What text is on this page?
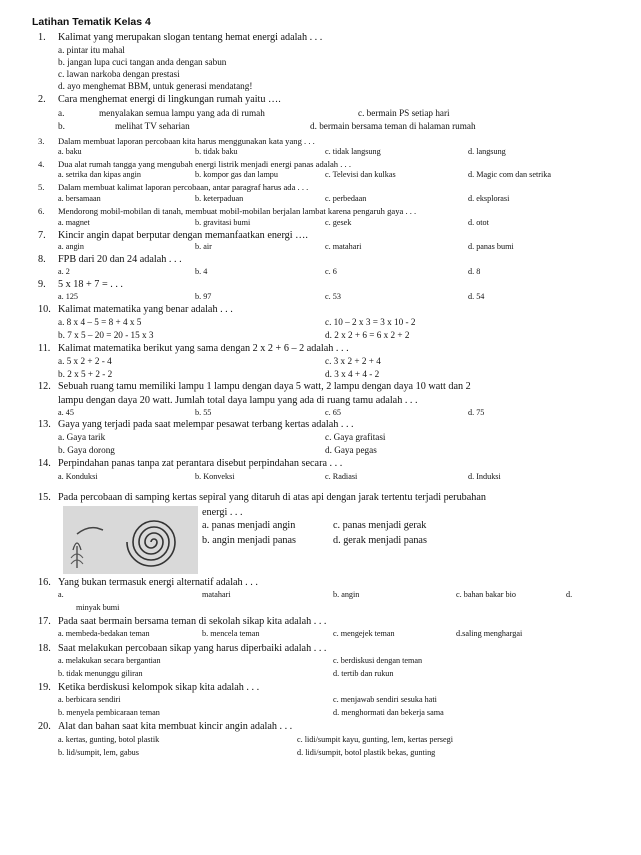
Latihan Tematik Kelas 4
1. Kalimat yang merupakan slogan tentang hemat energi adalah . . .
a. pintar itu mahal
b. jangan lupa cuci tangan anda dengan sabun
c. lawan narkoba dengan prestasi
d. ayo menghemat BBM, untuk generasi mendatang!
2. Cara menghemat energi di lingkungan rumah yaitu ….
a.	menyalakan semua lampu yang ada di rumah	c. bermain PS setiap hari
b.	melihat TV seharian	d. bermain bersama teman di halaman rumah
3. Dalam membuat laporan percobaan kita harus menggunakan kata yang . . .
a. baku	b. tidak baku	c. tidak langsung	d. langsung
4. Dua alat rumah tangga yang mengubah energi listrik menjadi energi panas adalah . . .
a. setrika dan kipas angin	b. kompor gas dan lampu	c. Televisi dan kulkas	d. Magic com dan setrika
5. Dalam membuat kalimat laporan percobaan, antar paragraf harus ada . . .
a. bersamaan	b. keterpaduan	c. perbedaan	d. eksplorasi
6. Mendorong mobil-mobilan di tanah, membuat mobil-mobilan berjalan lambat karena pengaruh gaya . . .
a. magnet	b. gravitasi bumi	c. gesek	d. otot
7. Kincir angin dapat berputar dengan memanfaatkan energi ….
a. angin	b. air	c. matahari	d. panas bumi
8. FPB dari 20 dan 24 adalah . . .
a. 2	b. 4	c. 6	d. 8
9. 5 x 18 + 7 = . . .
a. 125	b. 97	c. 53	d. 54
10. Kalimat matematika yang benar adalah . . .
a. 8 x 4 – 5 = 8 + 4 x 5	c. 10 – 2 x 3 = 3 x 10 - 2
b. 7 x 5 – 20 = 20 - 15 x 3	d. 2 x 2 + 6 = 6 x 2 + 2
11. Kalimat matematika berikut yang sama dengan 2 x 2 + 6 – 2 adalah . . .
a. 5 x 2 + 2 - 4	c. 3 x 2 + 2 + 4
b. 2 x 5 + 2 - 2	d. 3 x 4 + 4 - 2
12. Sebuah ruang tamu memiliki lampu 1 lampu dengan daya 5 watt, 2 lampu dengan daya 10 watt dan 2
lampu dengan daya 20 watt. Jumlah total daya lampu yang ada di ruang tamu adalah . . .
a. 45	b. 55	c. 65	d. 75
13. Gaya yang terjadi pada saat melempar pesawat terbang kertas adalah . . .
a. Gaya tarik	c. Gaya grafitasi
b. Gaya dorong	d. Gaya pegas
14. Perpindahan panas tanpa zat perantara disebut perpindahan secara . . .
a. Konduksi	b. Konveksi	c. Radiasi	d. Induksi
15. Pada percobaan di samping kertas sepiral yang ditaruh di atas api dengan jarak tertentu terjadi perubahan
energi . . .
a. panas menjadi angin	c. panas menjadi gerak
b. angin menjadi panas	d. gerak menjadi panas
16. Yang bukan termasuk energi alternatif adalah . . .
a.	matahari	b. angin	c. bahan bakar bio	d.
minyak bumi
17. Pada saat bermain bersama teman di sekolah sikap kita adalah . . .
a. membeda-bedakan teman	b. mencela teman	c. mengejek teman	d.saling menghargai
18. Saat melakukan percobaan sikap yang harus diperbaiki adalah . . .
a. melakukan secara bergantian	c. berdiskusi dengan teman
b. tidak menunggu giliran	d. tertib dan rukun
19. Ketika berdiskusi kelompok sikap kita adalah . . .
a. berbicara sendiri	c. menjawab sendiri sesuka hati
b. menyela pembicaraan teman	d. menghormati dan bekerja sama
20. Alat dan bahan saat kita membuat kincir angin adalah . . .
a. kertas, gunting, botol plastik	c. lidi/sumpit kayu, gunting, lem, kertas persegi
b. lid/sumpit, lem, gabus	d. lidi/sumpit, botol plastik bekas, gunting
